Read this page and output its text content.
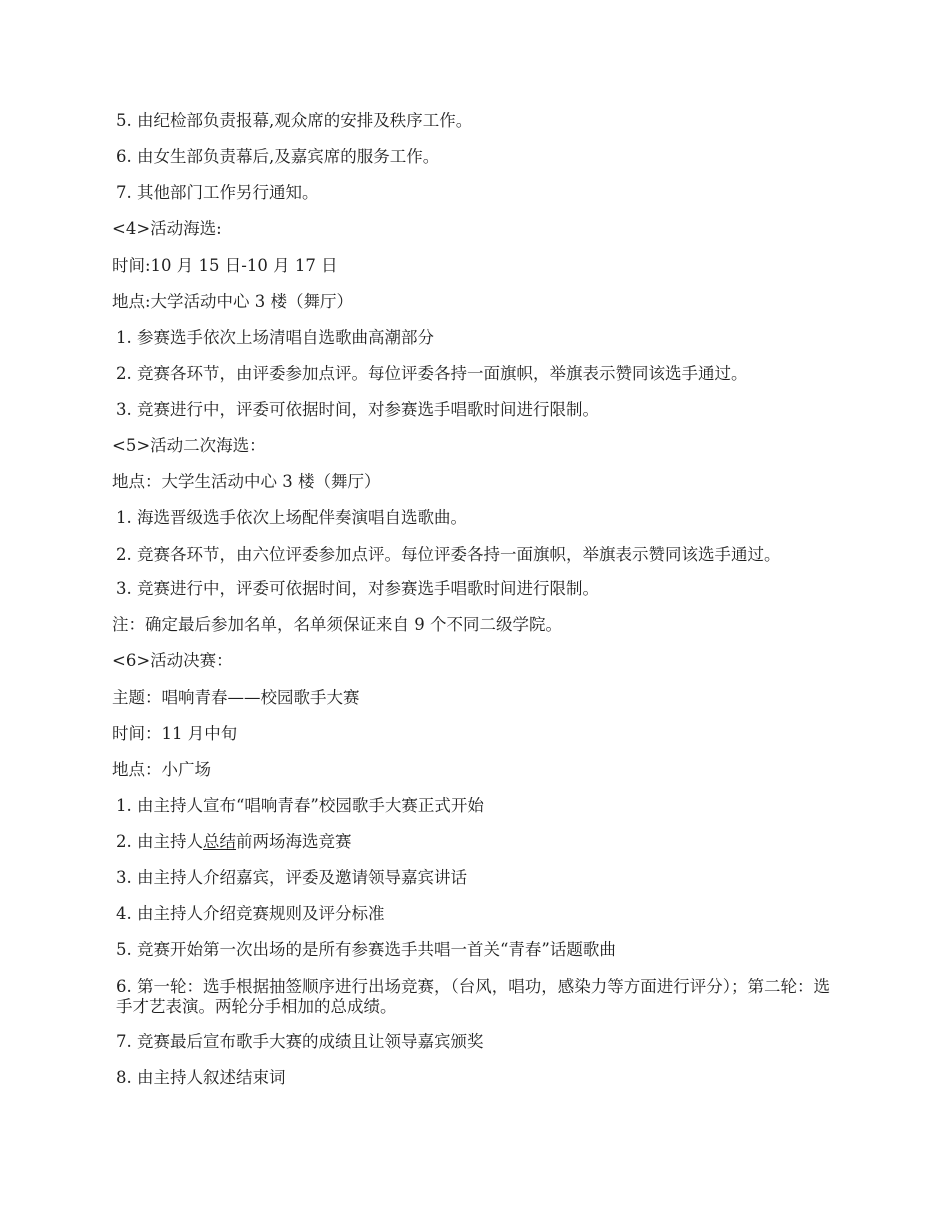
5. 由纪检部负责报幕,观众席的安排及秩序工作。

6. 由女生部负责幕后,及嘉宾席的服务工作。

7. 其他部门工作另行通知。

<4>活动海选:

时间:10 月 15 日-10 月 17 日

地点:大学活动中心 3 楼（舞厅）

1. 参赛选手依次上场清唱自选歌曲高潮部分

2. 竞赛各环节，由评委参加点评。每位评委各持一面旗帜，举旗表示赞同该选手通过。

3. 竞赛进行中，评委可依据时间，对参赛选手唱歌时间进行限制。

<5>活动二次海选：

地点：大学生活动中心 3 楼（舞厅）

1. 海选晋级选手依次上场配伴奏演唱自选歌曲。

2. 竞赛各环节，由六位评委参加点评。每位评委各持一面旗帜，举旗表示赞同该选手通过。

3. 竞赛进行中，评委可依据时间，对参赛选手唱歌时间进行限制。

注：确定最后参加名单，名单须保证来自 9 个不同二级学院。

<6>活动决赛：

主题：唱响青春——校园歌手大赛

时间：11 月中旬

地点：小广场

1. 由主持人宣布“唱响青春”校园歌手大赛正式开始

2. 由主持人总结前两场海选竞赛

3. 由主持人介绍嘉宾，评委及邀请领导嘉宾讲话

4. 由主持人介绍竞赛规则及评分标准

5. 竞赛开始第一次出场的是所有参赛选手共唱一首关“青春”话题歌曲

6. 第一轮：选手根据抽签顺序进行出场竞赛，（台风，唱功，感染力等方面进行评分）；第二轮：选手才艺表演。两轮分手相加的总成绩。

7. 竞赛最后宣布歌手大赛的成绩且让领导嘉宾颁奖

8. 由主持人叙述结束词
